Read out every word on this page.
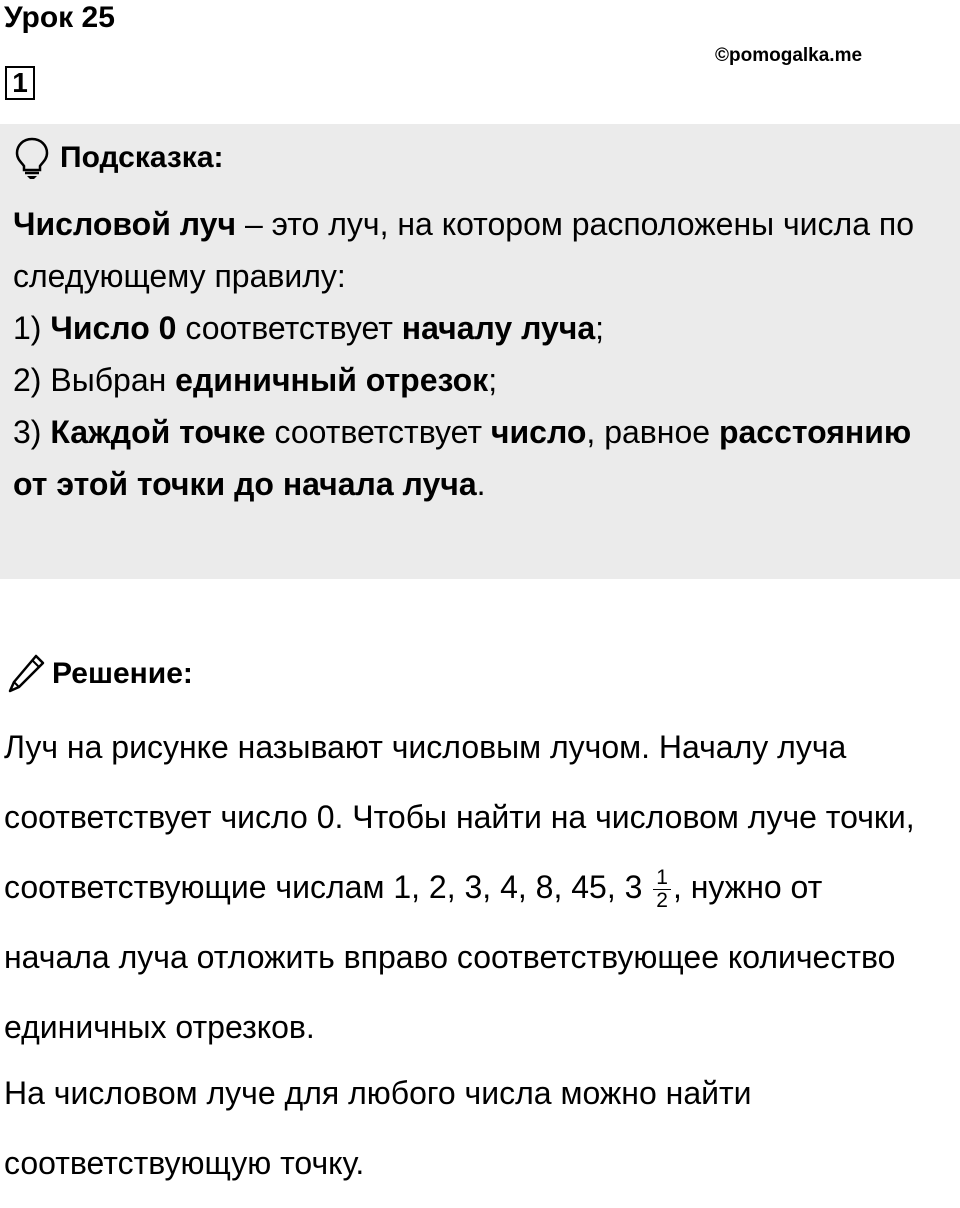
Урок 25
©pomogalka.me
1
Подсказка:

Числовой луч – это луч, на котором расположены числа по следующему правилу:

1) Число 0 соответствует началу луча;

2) Выбран единичный отрезок;

3) Каждой точке соответствует число, равное расстоянию от этой точки до начала луча.

Решение:
Луч на рисунке называют числовым лучом. Началу луча
соответствует число 0. Чтобы найти на числовом луче точки,
соответствующие числам 1, 2, 3, 4, 8, 45, $3 \frac{1}{2}$ , нужно от
начала луча отложить вправо соответствующее количество
единичных отрезков.
На числовом луче для любого числа можно найти
соответствующую точку.
